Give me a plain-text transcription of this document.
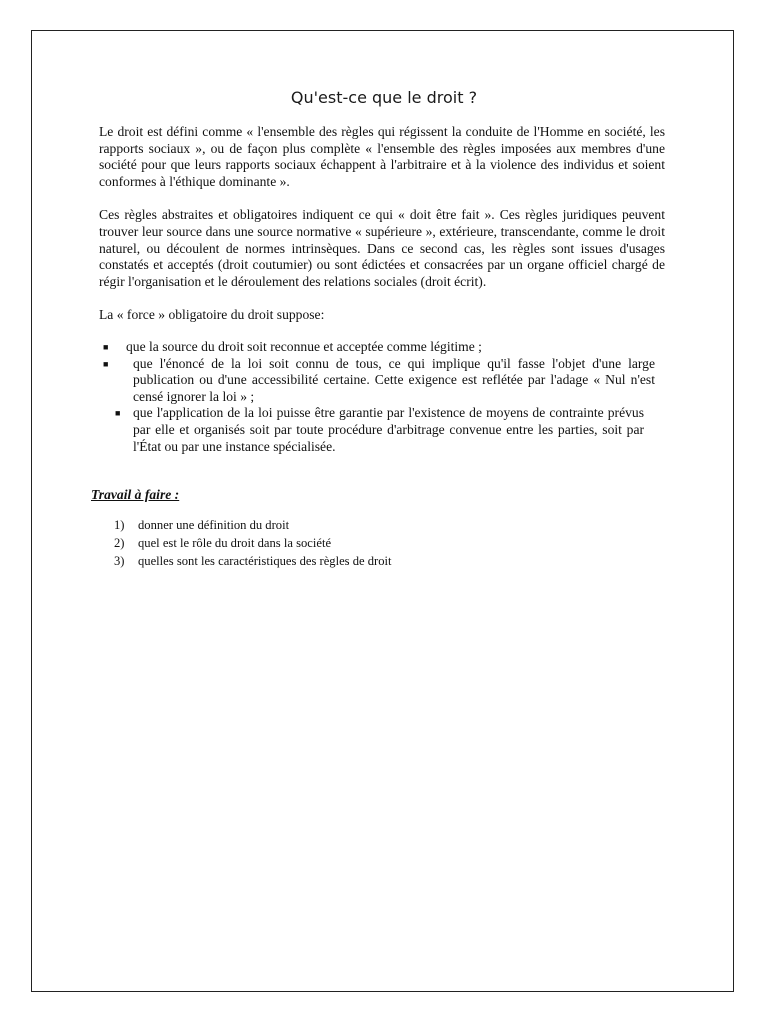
Qu'est-ce que le droit ?

Le droit est défini comme « l'ensemble des règles qui régissent la conduite de l'Homme en société, les rapports sociaux », ou de façon plus complète « l'ensemble des règles imposées aux membres d'une société pour que leurs rapports sociaux échappent à l'arbitraire et à la violence des individus et soient conformes à l'éthique dominante ».

Ces règles abstraites et obligatoires indiquent ce qui « doit être fait ». Ces règles juridiques peuvent trouver leur source dans une source normative « supérieure », extérieure, transcendante, comme le droit naturel, ou découlent de normes intrinsèques. Dans ce second cas, les règles sont issues d'usages constatés et acceptés (droit coutumier) ou sont édictées et consacrées par un organe officiel chargé de régir l'organisation et le déroulement des relations sociales (droit écrit).

La « force » obligatoire du droit suppose:

■ que la source du droit soit reconnue et acceptée comme légitime ;
■ que l'énoncé de la loi soit connu de tous, ce qui implique qu'il fasse l'objet d'une large publication ou d'une accessibilité certaine. Cette exigence est reflétée par l'adage « Nul n'est censé ignorer la loi » ;
■ que l'application de la loi puisse être garantie par l'existence de moyens de contrainte prévus par elle et organisés soit par toute procédure d'arbitrage convenue entre les parties, soit par l'État ou par une instance spécialisée.
Travail à faire :
1) donner une définition du droit
2) quel est le rôle du droit dans la société
3) quelles sont les caractéristiques des règles de droit
